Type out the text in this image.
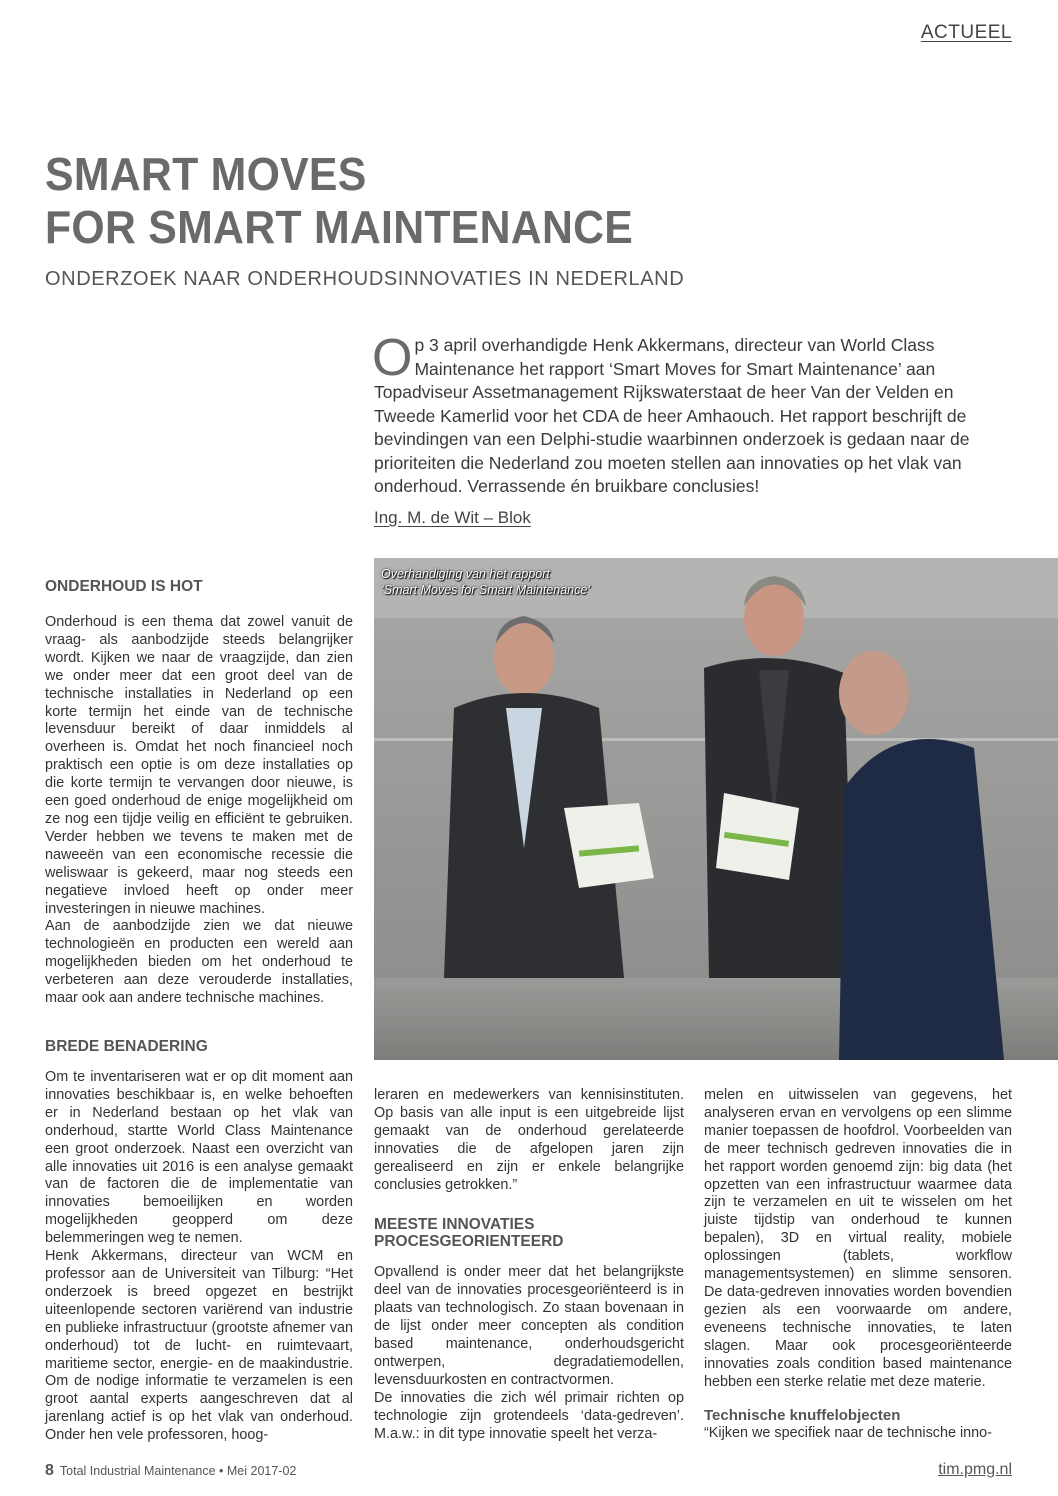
ACTUEEL
SMART MOVES
FOR SMART MAINTENANCE
ONDERZOEK NAAR ONDERHOUDSINNOVATIES IN NEDERLAND
Op 3 april overhandigde Henk Akkermans, directeur van World Class Maintenance het rapport ‘Smart Moves for Smart Maintenance’ aan Topadviseur Assetmanagement Rijkswaterstaat de heer Van der Velden en Tweede Kamerlid voor het CDA de heer Amhaouch. Het rapport beschrijft de bevindingen van een Delphi-studie waarbinnen onderzoek is gedaan naar de prioriteiten die Nederland zou moeten stellen aan innovaties op het vlak van onderhoud. Verrassende én bruikbare conclusies!
Ing. M. de Wit – Blok
ONDERHOUD IS HOT

Onderhoud is een thema dat zowel vanuit de vraag- als aanbodzijde steeds belangrijker wordt. Kijken we naar de vraagzijde, dan zien we onder meer dat een groot deel van de technische installaties in Nederland op een korte termijn het einde van de technische levensduur bereikt of daar inmiddels al overheen is. Omdat het noch financieel noch praktisch een optie is om deze installaties op die korte termijn te vervangen door nieuwe, is een goed onderhoud de enige mogelijkheid om ze nog een tijdje veilig en efficiënt te gebruiken. Verder hebben we tevens te maken met de naweeën van een economische recessie die weliswaar is gekeerd, maar nog steeds een negatieve invloed heeft op onder meer investeringen in nieuwe machines.

Aan de aanbodzijde zien we dat nieuwe technologieën en producten een wereld aan mogelijkheden bieden om het onderhoud te verbeteren aan deze verouderde installaties, maar ook aan andere technische machines.

BREDE BENADERING

Om te inventariseren wat er op dit moment aan innovaties beschikbaar is, en welke behoeften er in Nederland bestaan op het vlak van onderhoud, startte World Class Maintenance een groot onderzoek. Naast een overzicht van alle innovaties uit 2016 is een analyse gemaakt van de factoren die de implementatie van innovaties bemoeilijken en worden mogelijkheden geopperd om deze belemmeringen weg te nemen.

Henk Akkermans, directeur van WCM en professor aan de Universiteit van Tilburg: “Het onderzoek is breed opgezet en bestrijkt uiteenlopende sectoren variërend van industrie en publieke infrastructuur (grootste afnemer van onderhoud) tot de lucht- en ruimtevaart, maritieme sector, energie- en de maakindustrie. Om de nodige informatie te verzamelen is een groot aantal experts aangeschreven dat al jarenlang actief is op het vlak van onderhoud. Onder hen vele professoren, hoog-

Overhandiging van het rapport
‘Smart Moves for Smart Maintenance’

leraren en medewerkers van kennisinstituten. Op basis van alle input is een uitgebreide lijst gemaakt van de onderhoud gerelateerde innovaties die de afgelopen jaren zijn gerealiseerd en zijn er enkele belangrijke conclusies getrokken.”

MEESTE INNOVATIES
PROCESGEORIENTEERD

Opvallend is onder meer dat het belangrijkste deel van de innovaties procesgeoriënteerd is in plaats van technologisch. Zo staan bovenaan in de lijst onder meer concepten als condition based maintenance, onderhoudsgericht ontwerpen, degradatiemodellen, levensduurkosten en contractvormen.

De innovaties die zich wél primair richten op technologie zijn grotendeels ‘data-gedreven’. M.a.w.: in dit type innovatie speelt het verza-

melen en uitwisselen van gegevens, het analyseren ervan en vervolgens op een slimme manier toepassen de hoofdrol. Voorbeelden van de meer technisch gedreven innovaties die in het rapport worden genoemd zijn: big data (het opzetten van een infrastructuur waarmee data zijn te verzamelen en uit te wisselen om het juiste tijdstip van onderhoud te kunnen bepalen), 3D en virtual reality, mobiele oplossingen (tablets, workflow managementsystemen) en slimme sensoren. De data-gedreven innovaties worden bovendien gezien als een voorwaarde om andere, eveneens technische innovaties, te laten slagen. Maar ook procesgeoriënteerde innovaties zoals condition based maintenance hebben een sterke relatie met deze materie.

Technische knuffelobjecten

“Kijken we specifiek naar de technische inno-

8 Total Industrial Maintenance • Mei 2017-02	tim.pmg.nl
